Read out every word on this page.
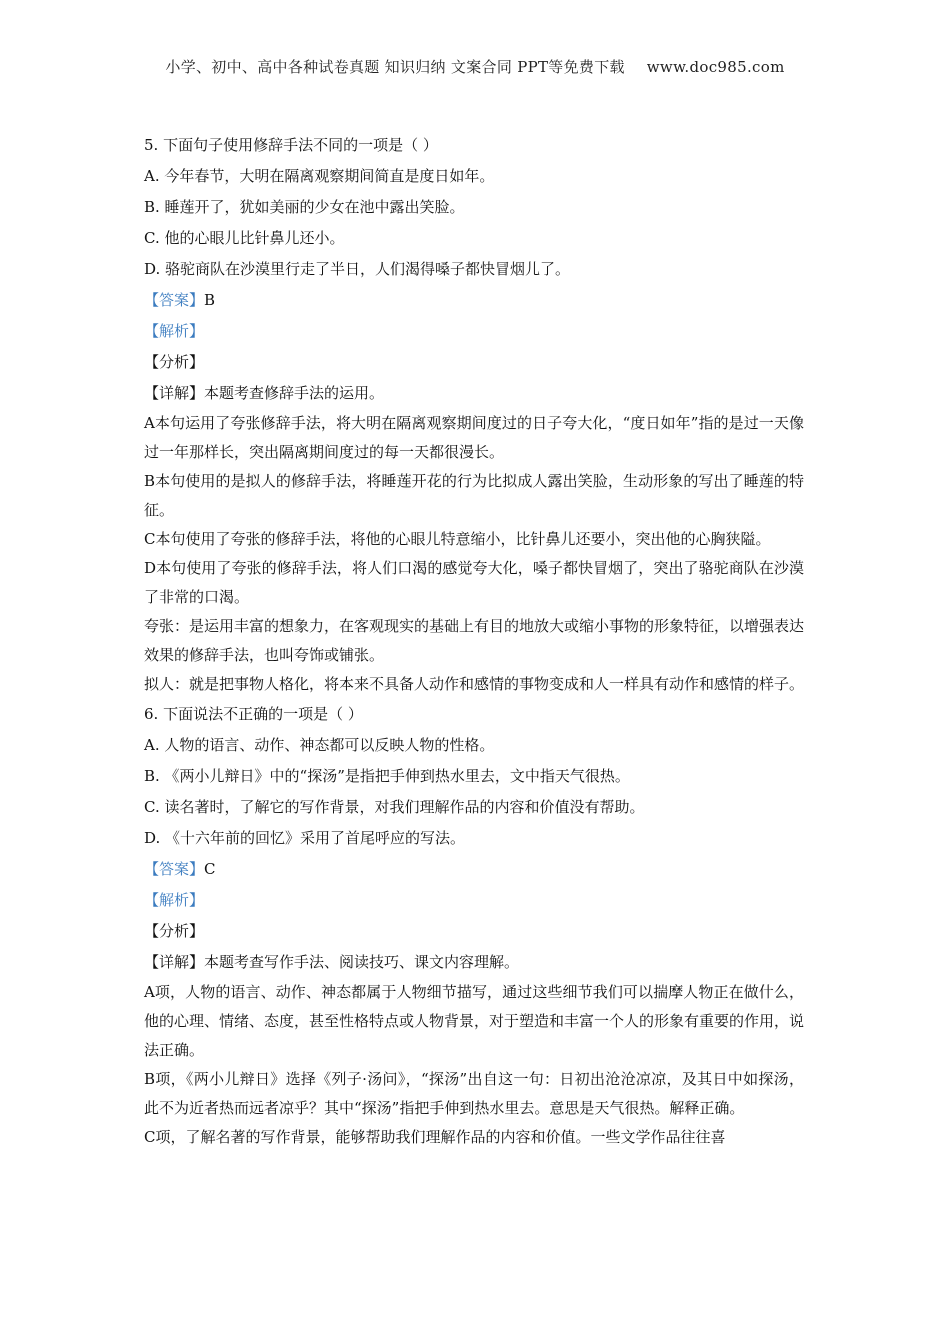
小学、初中、高中各种试卷真题 知识归纳 文案合同 PPT等免费下载 www.doc985.com
5. 下面句子使用修辞手法不同的一项是（ ）
A. 今年春节，大明在隔离观察期间简直是度日如年。
B. 睡莲开了，犹如美丽的少女在池中露出笑脸。
C. 他的心眼儿比针鼻儿还小。
D. 骆驼商队在沙漠里行走了半日，人们渴得嗓子都快冒烟儿了。
【答案】B
【解析】
【分析】
【详解】本题考查修辞手法的运用。
A本句运用了夸张修辞手法，将大明在隔离观察期间度过的日子夸大化，“度日如年”指的是过一天像过一年那样长，突出隔离期间度过的每一天都很漫长。
B本句使用的是拟人的修辞手法，将睡莲开花的行为比拟成人露出笑脸，生动形象的写出了睡莲的特征。
C本句使用了夸张的修辞手法，将他的心眼儿特意缩小，比针鼻儿还要小，突出他的心胸狭隘。
D本句使用了夸张的修辞手法，将人们口渴的感觉夸大化，嗓子都快冒烟了，突出了骆驼商队在沙漠了非常的口渴。
夸张：是运用丰富的想象力，在客观现实的基础上有目的地放大或缩小事物的形象特征，以增强表达效果的修辞手法，也叫夸饰或铺张。
拟人：就是把事物人格化，将本来不具备人动作和感情的事物变成和人一样具有动作和感情的样子。
6. 下面说法不正确的一项是（ ）
A. 人物的语言、动作、神态都可以反映人物的性格。
B. 《两小儿辩日》中的“探汤”是指把手伸到热水里去，文中指天气很热。
C. 读名著时，了解它的写作背景，对我们理解作品的内容和价值没有帮助。
D. 《十六年前的回忆》采用了首尾呼应的写法。
【答案】C
【解析】
【分析】
【详解】本题考查写作手法、阅读技巧、课文内容理解。
A项，人物的语言、动作、神态都属于人物细节描写，通过这些细节我们可以揣摩人物正在做什么，他的心理、情绪、态度，甚至性格特点或人物背景，对于塑造和丰富一个人的形象有重要的作用，说法正确。
B项，《两小儿辩日》选择《列子·汤问》，“探汤”出自这一句：日初出沧沧凉凉，及其日中如探汤，此不为近者热而远者凉乎？其中“探汤”指把手伸到热水里去。意思是天气很热。解释正确。
C项，了解名著的写作背景，能够帮助我们理解作品的内容和价值。一些文学作品往往喜
